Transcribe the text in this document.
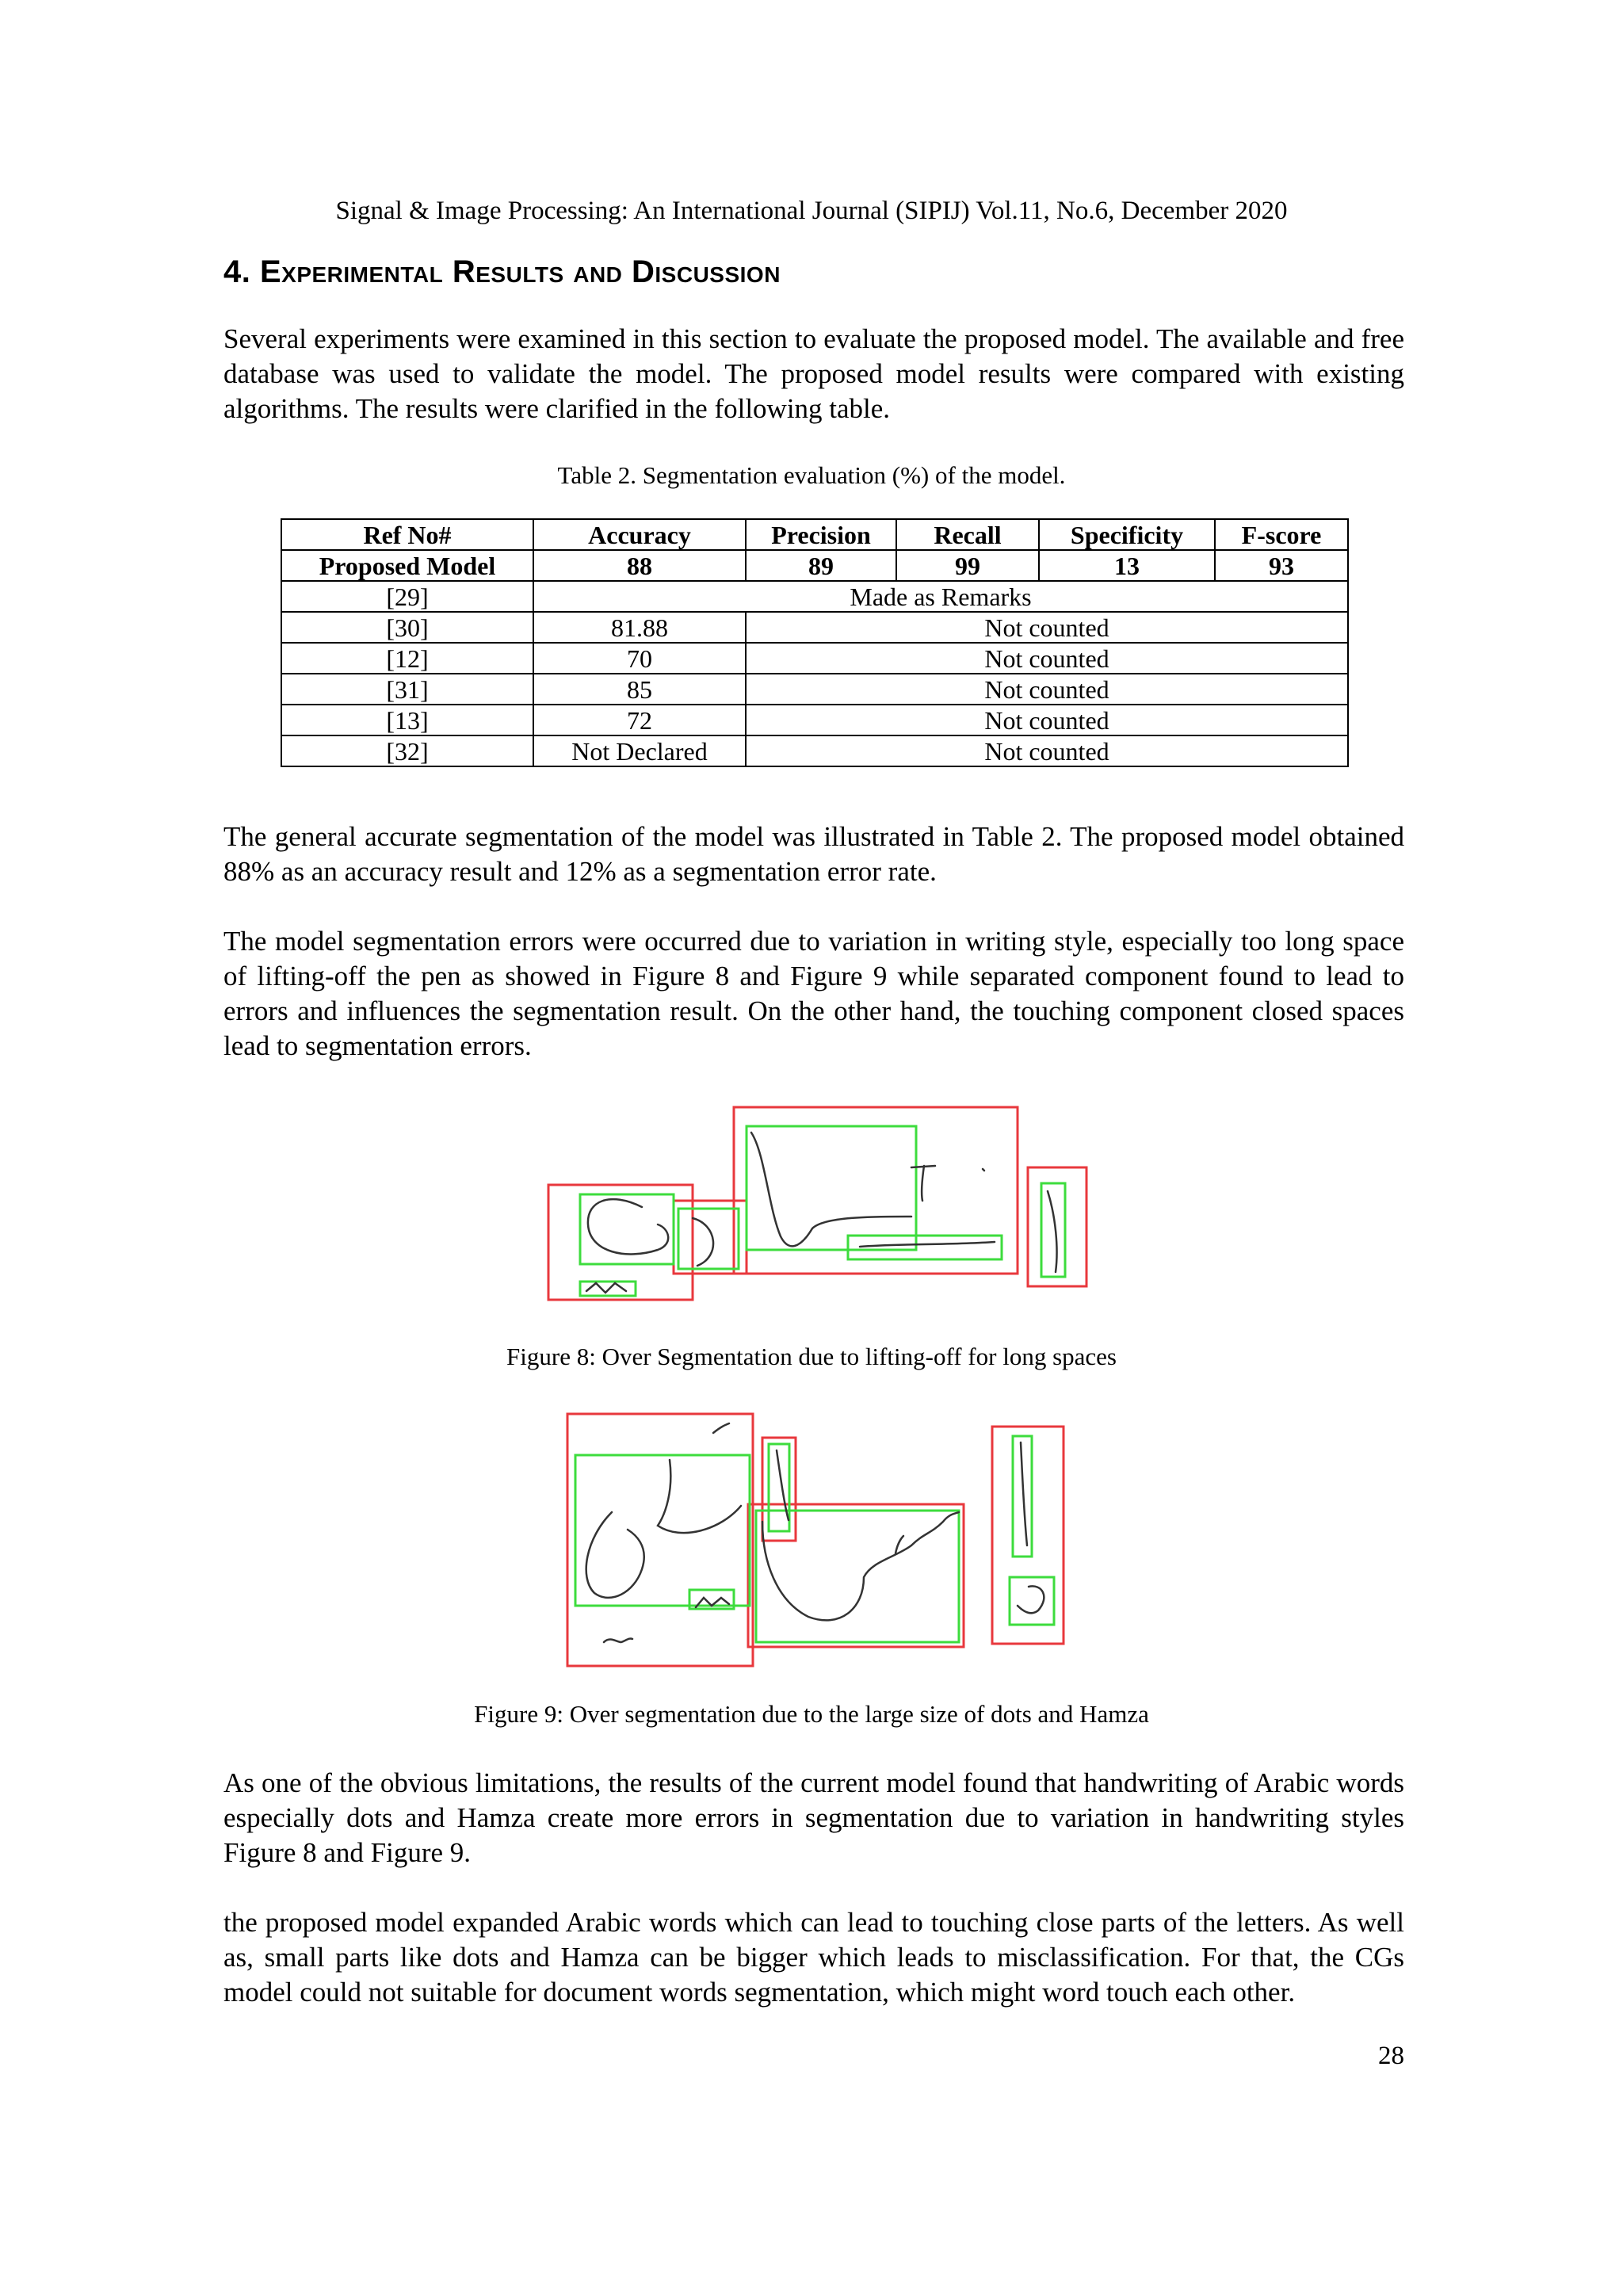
Signal & Image Processing: An International Journal (SIPIJ) Vol.11, No.6, December 2020
4. Experimental Results and Discussion
Several experiments were examined in this section to evaluate the proposed model. The available and free database was used to validate the model. The proposed model results were compared with existing algorithms. The results were clarified in the following table.
Table 2. Segmentation evaluation (%) of the model.
Ref No#	Accuracy	Precision	Recall	Specificity	F-score
Proposed Model	88	89	99	13	93
[29]	Made as Remarks				
[30]	81.88	Not counted			
[12]	70	Not counted			
[31]	85	Not counted			
[13]	72	Not counted			
[32]	Not Declared	Not counted			
The general accurate segmentation of the model was illustrated in Table 2. The proposed model obtained 88% as an accuracy result and 12% as a segmentation error rate.
The model segmentation errors were occurred due to variation in writing style, especially too long space of lifting-off the pen as showed in Figure 8 and Figure 9 while separated component found to lead to errors and influences the segmentation result. On the other hand, the touching component closed spaces lead to segmentation errors.
Figure 8: Over Segmentation due to lifting-off for long spaces
Figure 9: Over segmentation due to the large size of dots and Hamza
As one of the obvious limitations, the results of the current model found that handwriting of Arabic words especially dots and Hamza create more errors in segmentation due to variation in handwriting styles Figure 8 and Figure 9.
the proposed model expanded Arabic words which can lead to touching close parts of the letters. As well as, small parts like dots and Hamza can be bigger which leads to misclassification. For that, the CGs model could not suitable for document words segmentation, which might word touch each other.
28
